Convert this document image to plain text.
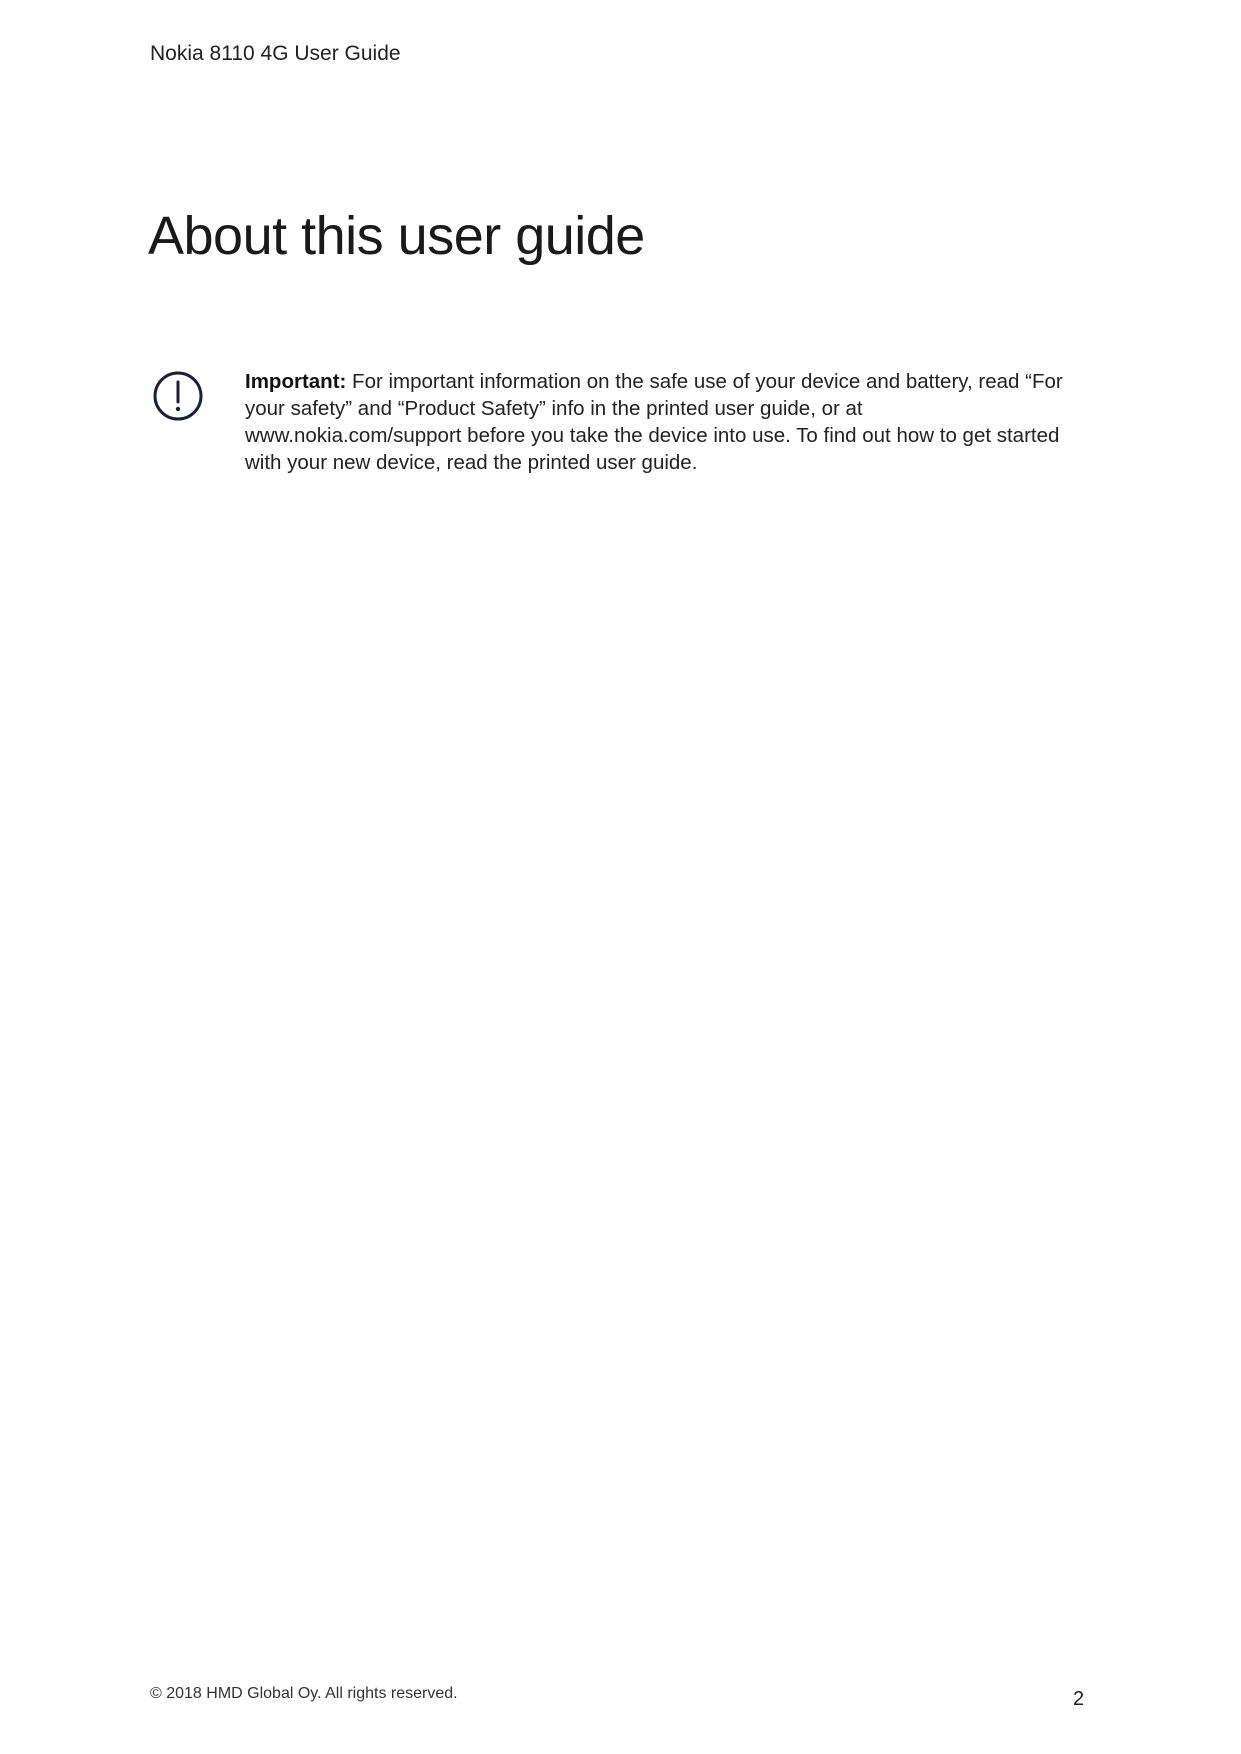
Nokia 8110 4G User Guide
About this user guide
Important: For important information on the safe use of your device and battery, read “For your safety” and “Product Safety” info in the printed user guide, or at www.nokia.com/support before you take the device into use. To find out how to get started with your new device, read the printed user guide.
© 2018 HMD Global Oy. All rights reserved.	2
